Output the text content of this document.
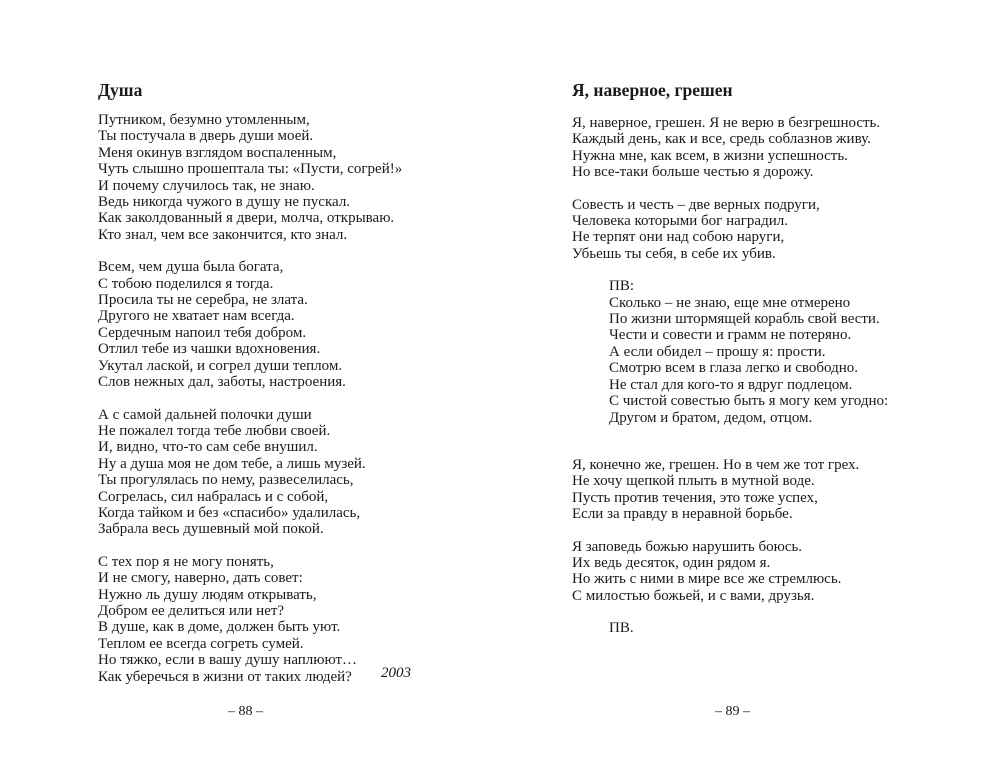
Душа
Путником, безумно утомленным,
Ты постучала в дверь души моей.
Меня окинув взглядом воспаленным,
Чуть слышно прошептала ты: «Пусти, согрей!»
И почему случилось так, не знаю.
Ведь никогда чужого в душу не пускал.
Как заколдованный я двери, молча, открываю.
Кто знал, чем все закончится, кто знал.
Всем, чем душа была богата,
С тобою поделился я тогда.
Просила ты не серебра, не злата.
Другого не хватает нам всегда.
Сердечным напоил тебя добром.
Отлил тебе из чашки вдохновения.
Укутал лаской, и согрел души теплом.
Слов нежных дал, заботы, настроения.
А с самой дальней полочки души
Не пожалел тогда тебе любви своей.
И, видно, что-то сам себе внушил.
Ну а душа моя не дом тебе, а лишь музей.
Ты прогулялась по нему, развеселилась,
Согрелась, сил набралась и с собой,
Когда тайком и без «спасибо» удалилась,
Забрала весь душевный мой покой.
С тех пор я не могу понять,
И не смогу, наверно, дать совет:
Нужно ль душу людям открывать,
Добром ее делиться или нет?
В душе, как в доме, должен быть уют.
Теплом ее всегда согреть сумей.
Но тяжко, если в вашу душу наплюют…
Как уберечься в жизни от таких людей?	2003
– 88 –
Я, наверное, грешен
Я, наверное, грешен. Я не верю в безгрешность.
Каждый день, как и все, средь соблазнов живу.
Нужна мне, как всем, в жизни успешность.
Но все-таки больше честью я дорожу.
Совесть и честь – две верных подруги,
Человека которыми бог наградил.
Не терпят они над собою наруги,
Убьешь ты себя, в себе их убив.
ПВ:
Сколько – не знаю, еще мне отмерено
По жизни штормящей корабль свой вести.
Чести и совести и грамм не потеряно.
А если обидел – прошу я: прости.
Смотрю всем в глаза легко и свободно.
Не стал для кого-то я вдруг подлецом.
С чистой совестью быть я могу кем угодно:
Другом и братом, дедом, отцом.
Я, конечно же, грешен. Но в чем же тот грех.
Не хочу щепкой плыть в мутной воде.
Пусть против течения, это тоже успех,
Если за правду в неравной борьбе.
Я заповедь божью нарушить боюсь.
Их ведь десяток, один рядом я.
Но жить с ними в мире все же стремлюсь.
С милостью божьей, и с вами, друзья.
ПВ.
– 89 –
